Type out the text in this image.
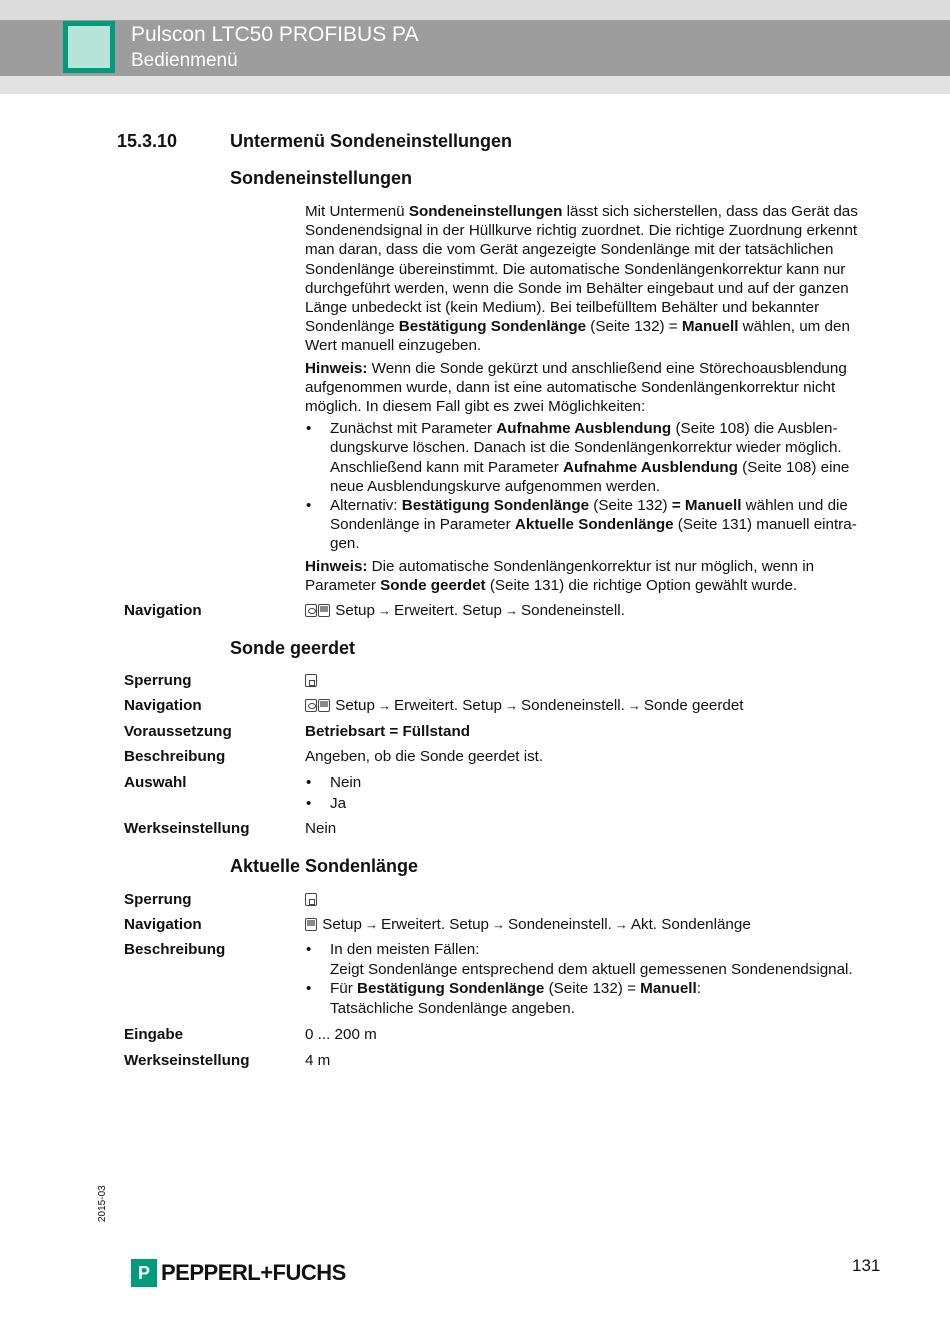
Pulscon LTC50 PROFIBUS PA
Bedienmenü
15.3.10	Untermenü Sondeneinstellungen
Sondeneinstellungen

Mit Untermenü Sondeneinstellungen lässt sich sicherstellen, dass das Gerät das Sondenendsignal in der Hüllkurve richtig zuordnet. Die richtige Zuordnung erkennt man daran, dass die vom Gerät angezeigte Sondenlänge mit der tatsächlichen Sondenlänge übereinstimmt. Die automatische Sondenlängenkorrektur kann nur durchgeführt werden, wenn die Sonde im Behälter eingebaut und auf der ganzen Länge unbedeckt ist (kein Medium). Bei teilbefülltem Behälter und bekannter Sondenlänge Bestätigung Sondenlänge (Seite 132) = Manuell wählen, um den Wert manuell einzugeben.

Hinweis: Wenn die Sonde gekürzt und anschließend eine Störechoausblendung aufgenommen wurde, dann ist eine automatische Sondenlängenkorrektur nicht möglich. In diesem Fall gibt es zwei Möglichkeiten:

• Zunächst mit Parameter Aufnahme Ausblendung (Seite 108) die Ausblen-dungskurve löschen. Danach ist die Sondenlängenkorrektur wieder möglich. Anschließend kann mit Parameter Aufnahme Ausblendung (Seite 108) eine neue Ausblendungskurve aufgenommen werden.
• Alternativ: Bestätigung Sondenlänge (Seite 132) = Manuell wählen und die Sondenlänge in Parameter Aktuelle Sondenlänge (Seite 131) manuell eintra-gen.

Hinweis: Die automatische Sondenlängenkorrektur ist nur möglich, wenn in Parameter Sonde geerdet (Seite 131) die richtige Option gewählt wurde.

Navigation	Setup → Erweitert. Setup → Sondeneinstell.
Sonde geerdet
Sperrung
Navigation	Setup → Erweitert. Setup → Sondeneinstell. → Sonde geerdet
Voraussetzung	Betriebsart = Füllstand
Beschreibung	Angeben, ob die Sonde geerdet ist.
Auswahl	• Nein
• Ja
Werkseinstellung	Nein
Aktuelle Sondenlänge
Sperrung
Navigation	Setup → Erweitert. Setup → Sondeneinstell. → Akt. Sondenlänge
Beschreibung	• In den meisten Fällen:
Zeigt Sondenlänge entsprechend dem aktuell gemessenen Sondenendsignal.
• Für Bestätigung Sondenlänge (Seite 132) = Manuell:
Tatsächliche Sondenlänge angeben.
Eingabe	0 ... 200 m
Werkseinstellung	4 m
2015-03
P PEPPERL+FUCHS	131
